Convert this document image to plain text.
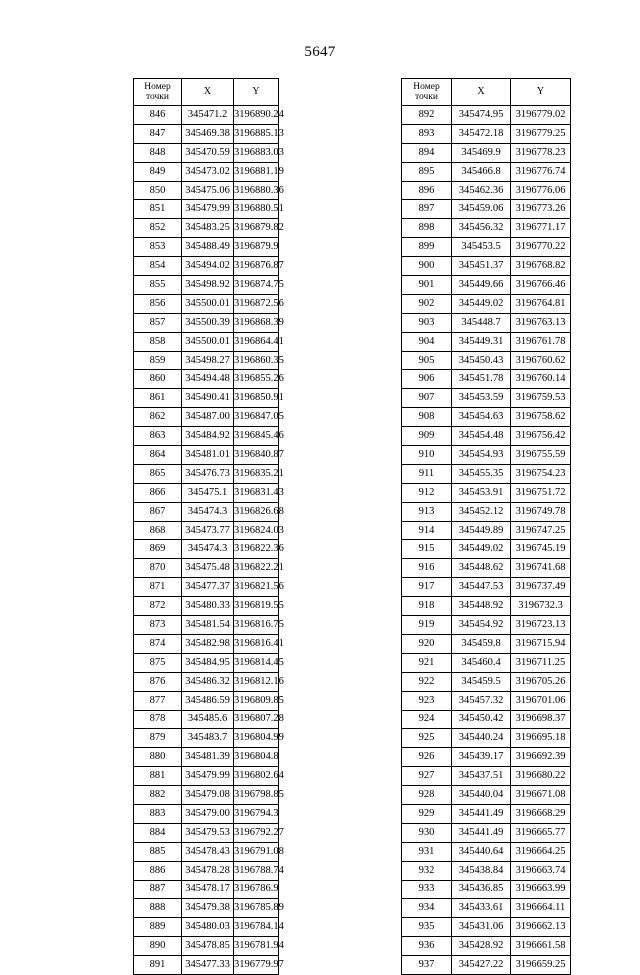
5647
Номер
точки	X	Y
846	345471.2	3196890.24
847	345469.38	3196885.13
848	345470.59	3196883.03
849	345473.02	3196881.19
850	345475.06	3196880.36
851	345479.99	3196880.51
852	345483.25	3196879.82
853	345488.49	3196879.9
854	345494.02	3196876.87
855	345498.92	3196874.75
856	345500.01	3196872.56
857	345500.39	3196868.39
858	345500.01	3196864.41
859	345498.27	3196860.35
860	345494.48	3196855.26
861	345490.41	3196850.91
862	345487.00	3196847.05
863	345484.92	3196845.46
864	345481.01	3196840.87
865	345476.73	3196835.21
866	345475.1	3196831.43
867	345474.3	3196826.68
868	345473.77	3196824.03
869	345474.3	3196822.36
870	345475.48	3196822.21
871	345477.37	3196821.56
872	345480.33	3196819.55
873	345481.54	3196816.75
874	345482.98	3196816.41
875	345484.95	3196814.45
876	345486.32	3196812.16
877	345486.59	3196809.85
878	345485.6	3196807.28
879	345483.7	3196804.99
880	345481.39	3196804.8
881	345479.99	3196802.64
882	345479.08	3196798.85
883	345479.00	3196794.3
884	345479.53	3196792.27
885	345478.43	3196791.08
886	345478.28	3196788.74
887	345478.17	3196786.9
888	345479.38	3196785.89
889	345480.03	3196784.14
890	345478.85	3196781.94
891	345477.33	3196779.97
Номер
точки	X	Y
892	345474.95	3196779.02
893	345472.18	3196779.25
894	345469.9	3196778.23
895	345466.8	3196776.74
896	345462.36	3196776.06
897	345459.06	3196773.26
898	345456.32	3196771.17
899	345453.5	3196770.22
900	345451.37	3196768.82
901	345449.66	3196766.46
902	345449.02	3196764.81
903	345448.7	3196763.13
904	345449.31	3196761.78
905	345450.43	3196760.62
906	345451.78	3196760.14
907	345453.59	3196759.53
908	345454.63	3196758.62
909	345454.48	3196756.42
910	345454.93	3196755.59
911	345455.35	3196754.23
912	345453.91	3196751.72
913	345452.12	3196749.78
914	345449.89	3196747.25
915	345449.02	3196745.19
916	345448.62	3196741.68
917	345447.53	3196737.49
918	345448.92	3196732.3
919	345454.92	3196723.13
920	345459.8	3196715.94
921	345460.4	3196711.25
922	345459.5	3196705.26
923	345457.32	3196701.06
924	345450.42	3196698.37
925	345440.24	3196695.18
926	345439.17	3196692.39
927	345437.51	3196680.22
928	345440.04	3196671.08
929	345441.49	3196668.29
930	345441.49	3196665.77
931	345440.64	3196664.25
932	345438.84	3196663.74
933	345436.85	3196663.99
934	345433.61	3196664.11
935	345431.06	3196662.13
936	345428.92	3196661.58
937	345427.22	3196659.25
